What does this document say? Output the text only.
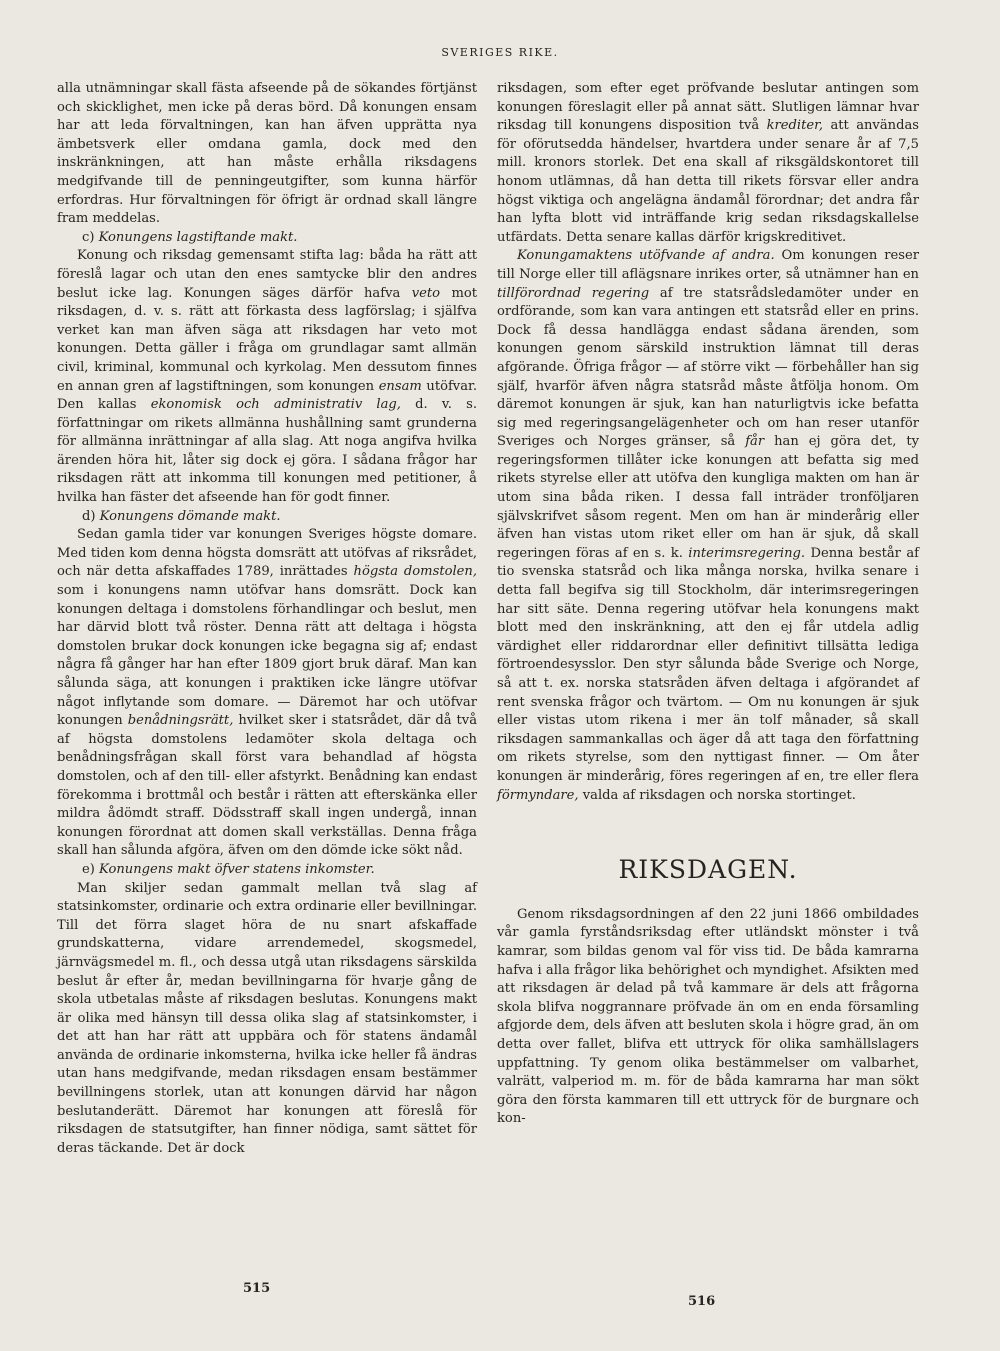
SVERIGES RIKE.

alla utnämningar skall fästa afseende på de sökandes förtjänst och skicklighet, men icke på deras börd. Då konungen ensam har att leda förvaltningen, kan han äfven upprätta nya ämbetsverk eller omdana gamla, dock med den inskränkningen, att han måste erhålla riksdagens medgifvande till de penningeutgifter, som kunna härför erfordras. Hur förvaltningen för öfrigt är ordnad skall längre fram meddelas.

c) Konungens lagstiftande makt.

Konung och riksdag gemensamt stifta lag: båda ha rätt att föreslå lagar och utan den enes samtycke blir den andres beslut icke lag. Konungen säges därför hafva veto mot riksdagen, d. v. s. rätt att förkasta dess lagförslag; i själfva verket kan man äfven säga att riksdagen har veto mot konungen. Detta gäller i fråga om grundlagar samt allmän civil, kriminal, kommunal och kyrkolag. Men dessutom finnes en annan gren af lagstiftningen, som konungen ensam utöfvar. Den kallas ekonomisk och administrativ lag, d. v. s. författningar om rikets allmänna hushållning samt grunderna för allmänna inrättningar af alla slag. Att noga angifva hvilka ärenden höra hit, låter sig dock ej göra. I sådana frågor har riksdagen rätt att inkomma till konungen med petitioner, å hvilka han fäster det afseende han för godt finner.

d) Konungens dömande makt.

Sedan gamla tider var konungen Sveriges högste domare. Med tiden kom denna högsta domsrätt att utöfvas af riksrådet, och när detta afskaffades 1789, inrättades högsta domstolen, som i konungens namn utöfvar hans domsrätt. Dock kan konungen deltaga i domstolens förhandlingar och beslut, men har därvid blott två röster. Denna rätt att deltaga i högsta domstolen brukar dock konungen icke begagna sig af; endast några få gånger har han efter 1809 gjort bruk däraf. Man kan sålunda säga, att konungen i praktiken icke längre utöfvar något inflytande som domare. — Däremot har och utöfvar konungen benådningsrätt, hvilket sker i statsrådet, där då två af högsta domstolens ledamöter skola deltaga och benådningsfrågan skall först vara behandlad af högsta domstolen, och af den till- eller afstyrkt. Benådning kan endast förekomma i brottmål och består i rätten att efterskänka eller mildra ådömdt straff. Dödsstraff skall ingen undergå, innan konungen förordnat att domen skall verkställas. Denna fråga skall han sålunda afgöra, äfven om den dömde icke sökt nåd.

e) Konungens makt öfver statens inkomster.

Man skiljer sedan gammalt mellan två slag af statsinkomster, ordinarie och extra ordinarie eller bevillningar. Till det förra slaget höra de nu snart afskaffade grundskatterna, vidare arrendemedel, skogsmedel, järnvägsmedel m. fl., och dessa utgå utan riksdagens särskilda beslut år efter år, medan bevillningarna för hvarje gång de skola utbetalas måste af riksdagen beslutas. Konungens makt är olika med hänsyn till dessa olika slag af statsinkomster, i det att han har rätt att uppbära och för statens ändamål använda de ordinarie inkomsterna, hvilka icke heller få ändras utan hans medgifvande, medan riksdagen ensam bestämmer bevillningens storlek, utan att konungen därvid har någon beslutanderätt. Däremot har konungen att föreslå för riksdagen de statsutgifter, han finner nödiga, samt sättet för deras täckande. Det är dock

riksdagen, som efter eget pröfvande beslutar antingen som konungen föreslagit eller på annat sätt. Slutligen lämnar hvar riksdag till konungens disposition två krediter, att användas för oförutsedda händelser, hvartdera under senare år af 7,5 mill. kronors storlek. Det ena skall af riksgäldskontoret till honom utlämnas, då han detta till rikets försvar eller andra högst viktiga och angelägna ändamål förordnar; det andra får han lyfta blott vid inträffande krig sedan riksdagskallelse utfärdats. Detta senare kallas därför krigskreditivet.

Konungamaktens utöfvande af andra. Om konungen reser till Norge eller till aflägsnare inrikes orter, så utnämner han en tillförordnad regering af tre statsrådsledamöter under en ordförande, som kan vara antingen ett statsråd eller en prins. Dock få dessa handlägga endast sådana ärenden, som konungen genom särskild instruktion lämnat till deras afgörande. Öfriga frågor — af större vikt — förbehåller han sig själf, hvarför äfven några statsråd måste åtfölja honom. Om däremot konungen är sjuk, kan han naturligtvis icke befatta sig med regeringsangelägenheter och om han reser utanför Sveriges och Norges gränser, så får han ej göra det, ty regeringsformen tillåter icke konungen att befatta sig med rikets styrelse eller att utöfva den kungliga makten om han är utom sina båda riken. I dessa fall inträder tronföljaren självskrifvet såsom regent. Men om han är minderårig eller äfven han vistas utom riket eller om han är sjuk, då skall regeringen föras af en s. k. interimsregering. Denna består af tio svenska statsråd och lika många norska, hvilka senare i detta fall begifva sig till Stockholm, där interimsregeringen har sitt säte. Denna regering utöfvar hela konungens makt blott med den inskränkning, att den ej får utdela adlig värdighet eller riddarordnar eller definitivt tillsätta lediga förtroendesysslor. Den styr sålunda både Sverige och Norge, så att t. ex. norska statsråden äfven deltaga i afgörandet af rent svenska frågor och tvärtom. — Om nu konungen är sjuk eller vistas utom rikena i mer än tolf månader, så skall riksdagen sammankallas och äger då att taga den författning om rikets styrelse, som den nyttigast finner. — Om åter konungen är minderårig, föres regeringen af en, tre eller flera förmyndare, valda af riksdagen och norska stortinget.

RIKSDAGEN.

Genom riksdagsordningen af den 22 juni 1866 ombildades vår gamla fyrståndsriksdag efter utländskt mönster i två kamrar, som bildas genom val för viss tid. De båda kamrarna hafva i alla frågor lika behörighet och myndighet. Afsikten med att riksdagen är delad på två kammare är dels att frågorna skola blifva noggrannare pröfvade än om en enda församling afgjorde dem, dels äfven att besluten skola i högre grad, än om detta over fallet, blifva ett uttryck för olika samhällslagers uppfattning. Ty genom olika bestämmelser om valbarhet, valrätt, valperiod m. m. för de båda kamrarna har man sökt göra den första kammaren till ett uttryck för de burgnare och kon-

515
516
